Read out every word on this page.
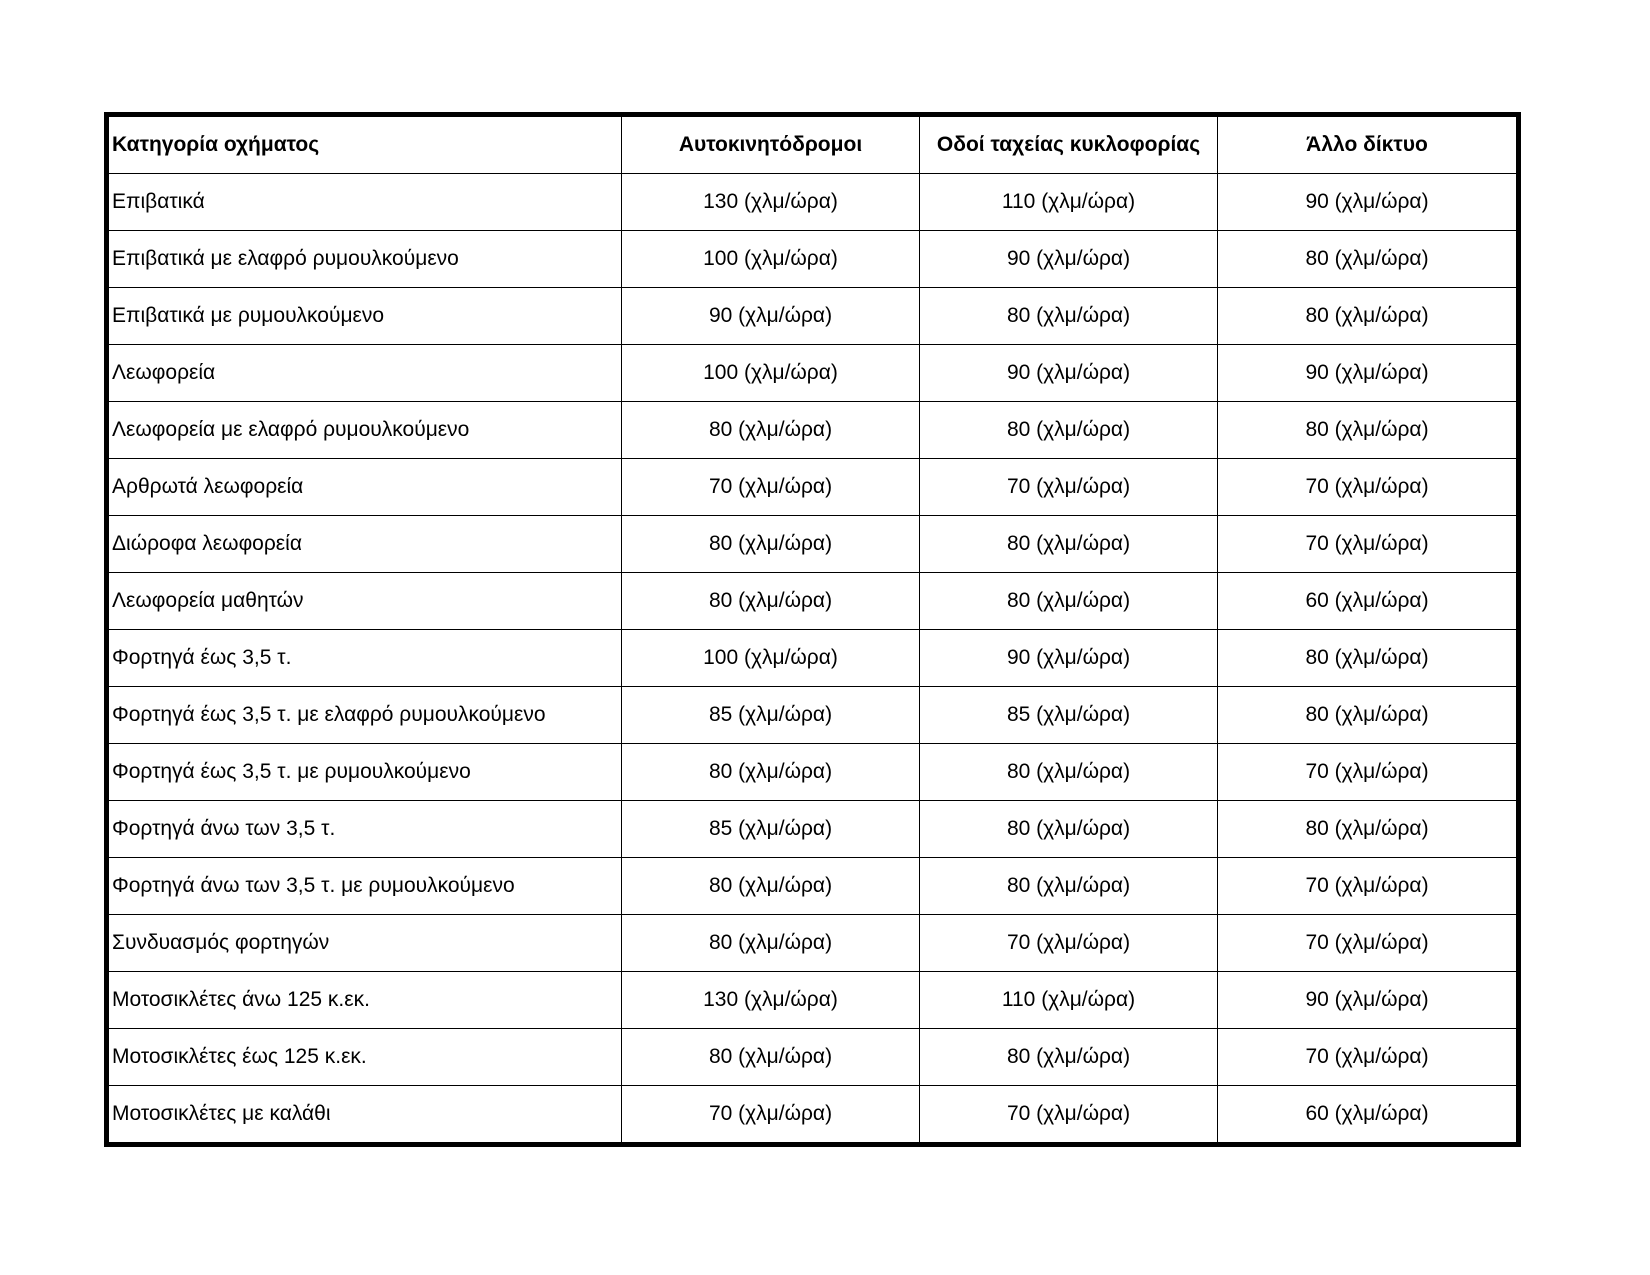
Κατηγορία οχήματος	Αυτοκινητόδρομοι	Οδοί ταχείας κυκλοφορίας	Άλλο δίκτυο
Επιβατικά	130 (χλμ/ώρα)	110 (χλμ/ώρα)	90 (χλμ/ώρα)
Επιβατικά με ελαφρό ρυμουλκούμενο	100 (χλμ/ώρα)	90 (χλμ/ώρα)	80 (χλμ/ώρα)
Επιβατικά με ρυμουλκούμενο	90 (χλμ/ώρα)	80 (χλμ/ώρα)	80 (χλμ/ώρα)
Λεωφορεία	100 (χλμ/ώρα)	90 (χλμ/ώρα)	90 (χλμ/ώρα)
Λεωφορεία με ελαφρό ρυμουλκούμενο	80 (χλμ/ώρα)	80 (χλμ/ώρα)	80 (χλμ/ώρα)
Αρθρωτά λεωφορεία	70 (χλμ/ώρα)	70 (χλμ/ώρα)	70 (χλμ/ώρα)
Διώροφα λεωφορεία	80 (χλμ/ώρα)	80 (χλμ/ώρα)	70 (χλμ/ώρα)
Λεωφορεία μαθητών	80 (χλμ/ώρα)	80 (χλμ/ώρα)	60 (χλμ/ώρα)
Φορτηγά έως 3,5 τ.	100 (χλμ/ώρα)	90 (χλμ/ώρα)	80 (χλμ/ώρα)
Φορτηγά έως 3,5 τ. με ελαφρό ρυμουλκούμενο	85 (χλμ/ώρα)	85 (χλμ/ώρα)	80 (χλμ/ώρα)
Φορτηγά έως 3,5 τ. με ρυμουλκούμενο	80 (χλμ/ώρα)	80 (χλμ/ώρα)	70 (χλμ/ώρα)
Φορτηγά άνω των 3,5 τ.	85 (χλμ/ώρα)	80 (χλμ/ώρα)	80 (χλμ/ώρα)
Φορτηγά άνω των 3,5 τ. με ρυμουλκούμενο	80 (χλμ/ώρα)	80 (χλμ/ώρα)	70 (χλμ/ώρα)
Συνδυασμός φορτηγών	80 (χλμ/ώρα)	70 (χλμ/ώρα)	70 (χλμ/ώρα)
Μοτοσικλέτες άνω 125 κ.εκ.	130 (χλμ/ώρα)	110 (χλμ/ώρα)	90 (χλμ/ώρα)
Μοτοσικλέτες έως 125 κ.εκ.	80 (χλμ/ώρα)	80 (χλμ/ώρα)	70 (χλμ/ώρα)
Μοτοσικλέτες με καλάθι	70 (χλμ/ώρα)	70 (χλμ/ώρα)	60 (χλμ/ώρα)
